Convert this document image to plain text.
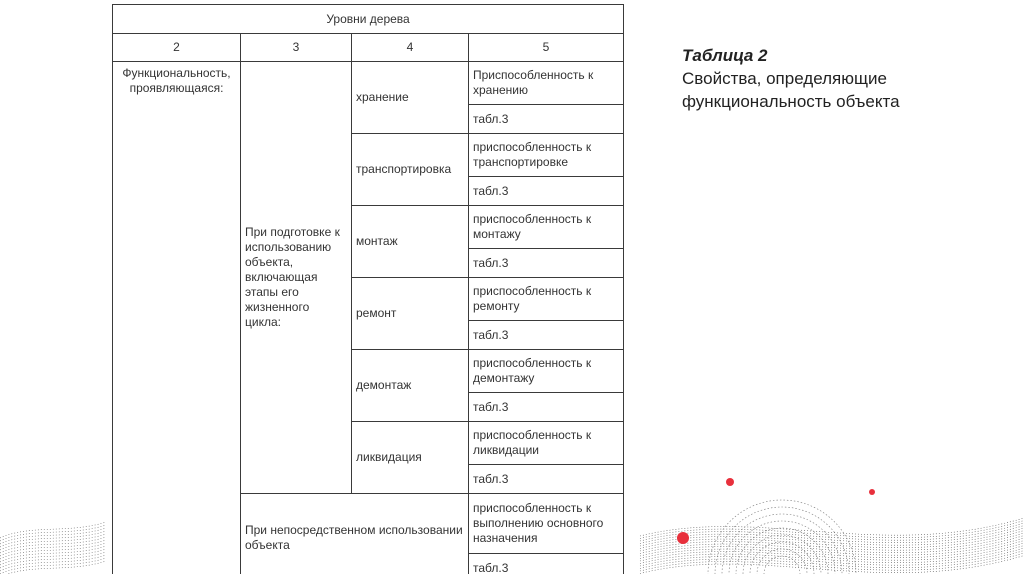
Уровни дерева			
2	3	4	5
Функциональность, проявляющаяся:	При подготовке к использованию объекта, включающая этапы его жизненного цикла:	хранение	Приспособленность к хранению
			табл.3
		транспортировка	приспособленность к транспортировке
			табл.3
		монтаж	приспособленность к монтажу
			табл.3
		ремонт	приспособленность к ремонту
			табл.3
		демонтаж	приспособленность к демонтажу
			табл.3
		ликвидация	приспособленность к ликвидации
			табл.3
	При непосредственном использовании объекта		приспособленность к выполнению основного назначения
			табл.3
Таблица 2
Свойства, определяющие функциональность объекта
